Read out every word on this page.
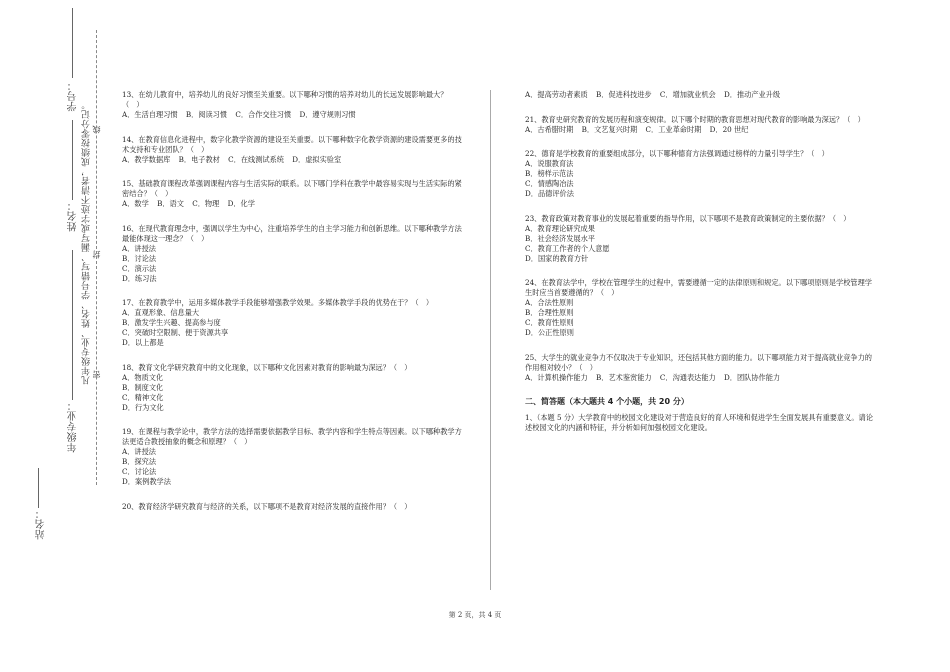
站名：
学号：
姓名：
年级专业：
凡年级专业、姓名、学号错写、漏写或字迹不清者，成绩按零分记。 线
封
密
13、在幼儿教育中，培养幼儿的良好习惯至关重要。以下哪种习惯的培养对幼儿的长远发展影响最大？（　）
A．生活自理习惯 B．阅读习惯 C．合作交往习惯 D．遵守规则习惯
14、在教育信息化进程中，数字化教学资源的建设至关重要。以下哪种数字化教学资源的建设需要更多的技术支持和专业团队？（　）
A．教学数据库 B．电子教材 C．在线测试系统 D．虚拟实验室
15、基础教育课程改革强调课程内容与生活实际的联系。以下哪门学科在教学中最容易实现与生活实际的紧密结合？（　）
A．数学 B．语文 C．物理 D．化学
16、在现代教育理念中，强调以学生为中心，注重培养学生的自主学习能力和创新思维。以下哪种教学方法最能体现这一理念？（　）
A．讲授法
B．讨论法
C．演示法
D．练习法
17、在教育教学中，运用多媒体教学手段能够增强教学效果。多媒体教学手段的优势在于？（　）
A．直观形象、信息量大
B．激发学生兴趣、提高参与度
C．突破时空限制、便于资源共享
D．以上都是
18、教育文化学研究教育中的文化现象，以下哪种文化因素对教育的影响最为深远？（　）
A．物质文化
B．制度文化
C．精神文化
D．行为文化
19、在课程与教学论中，教学方法的选择需要依据教学目标、教学内容和学生特点等因素。以下哪种教学方法更适合教授抽象的概念和原理？（　）
A．讲授法
B．探究法
C．讨论法
D．案例教学法
20、教育经济学研究教育与经济的关系，以下哪项不是教育对经济发展的直接作用？（　）
A．提高劳动者素质 B．促进科技进步 C．增加就业机会 D．推动产业升级
21、教育史研究教育的发展历程和演变规律。以下哪个时期的教育思想对现代教育的影响最为深远？（　）
A．古希腊时期 B．文艺复兴时期 C．工业革命时期 D．20 世纪
22、德育是学校教育的重要组成部分，以下哪种德育方法强调通过榜样的力量引导学生？（　）
A．说服教育法
B．榜样示范法
C．情感陶冶法
D．品德评价法
23、教育政策对教育事业的发展起着重要的指导作用，以下哪项不是教育政策制定的主要依据？（　）
A．教育理论研究成果
B．社会经济发展水平
C．教育工作者的个人意愿
D．国家的教育方针
24、在教育法学中，学校在管理学生的过程中，需要遵循一定的法律原则和规定。以下哪项原则是学校管理学生时应当首要遵循的？（　）
A．合法性原则
B．合理性原则
C．教育性原则
D．公正性原则
25、大学生的就业竞争力不仅取决于专业知识，还包括其他方面的能力。以下哪项能力对于提高就业竞争力的作用相对较小？（　）
A．计算机操作能力 B．艺术鉴赏能力 C．沟通表达能力 D．团队协作能力
二、简答题（本大题共 4 个小题，共 20 分）
1、（本题 5 分）大学教育中的校园文化建设对于营造良好的育人环境和促进学生全面发展具有重要意义。请论述校园文化的内涵和特征，并分析如何加强校园文化建设。
第 2 页，共 4 页
